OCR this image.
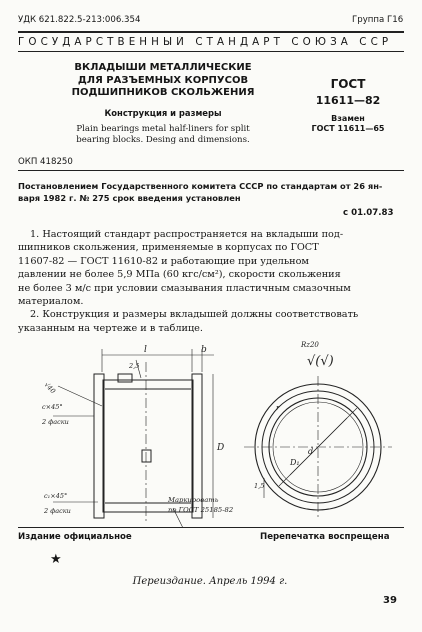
УДК 621.822.5-213:006.354	Группа Г16
ГОСУДАРСТВЕННЫЙ СТАНДАРТ СОЮЗА ССР
ВКЛАДЫШИ МЕТАЛЛИЧЕСКИЕ
ДЛЯ РАЗЪЕМНЫХ КОРПУСОВ
ПОДШИПНИКОВ СКОЛЬЖЕНИЯ
Конструкция и размеры
Plain bearings metal half-liners for split
bearing blocks. Desing and dimensions.
ГОСТ
11611—82
Взамен
ГОСТ 11611—65
ОКП 418250
Постановлением Государственного комитета СССР по стандартам от 26 ян-
варя 1982 г. № 275 срок введения установлен
с 01.07.83
1. Настоящий стандарт распространяется на вкладыши под-
шипников скольжения, применяемые в корпусах по ГОСТ
11607-82 — ГОСТ 11610-82 и работающие при удельном
давлении не более 5,9 МПа (60 кгс/см²), скорости скольжения
не более 3 м/с при условии смазывания пластичным смазочным
материалом.
2. Конструкция и размеры вкладышей должны соответствовать
указанным на чертеже и в таблице.
l	b
D
2,5
√40
c×45°
2 фаски
c₁×45°
2 фаски
Маркировать
по ГОСТ 25185-82
Rz20
√(√)
D₁
d
1,5
r
Издание официальное	Перепечатка воспрещена
★
Переиздание. Апрель 1994 г.
39
